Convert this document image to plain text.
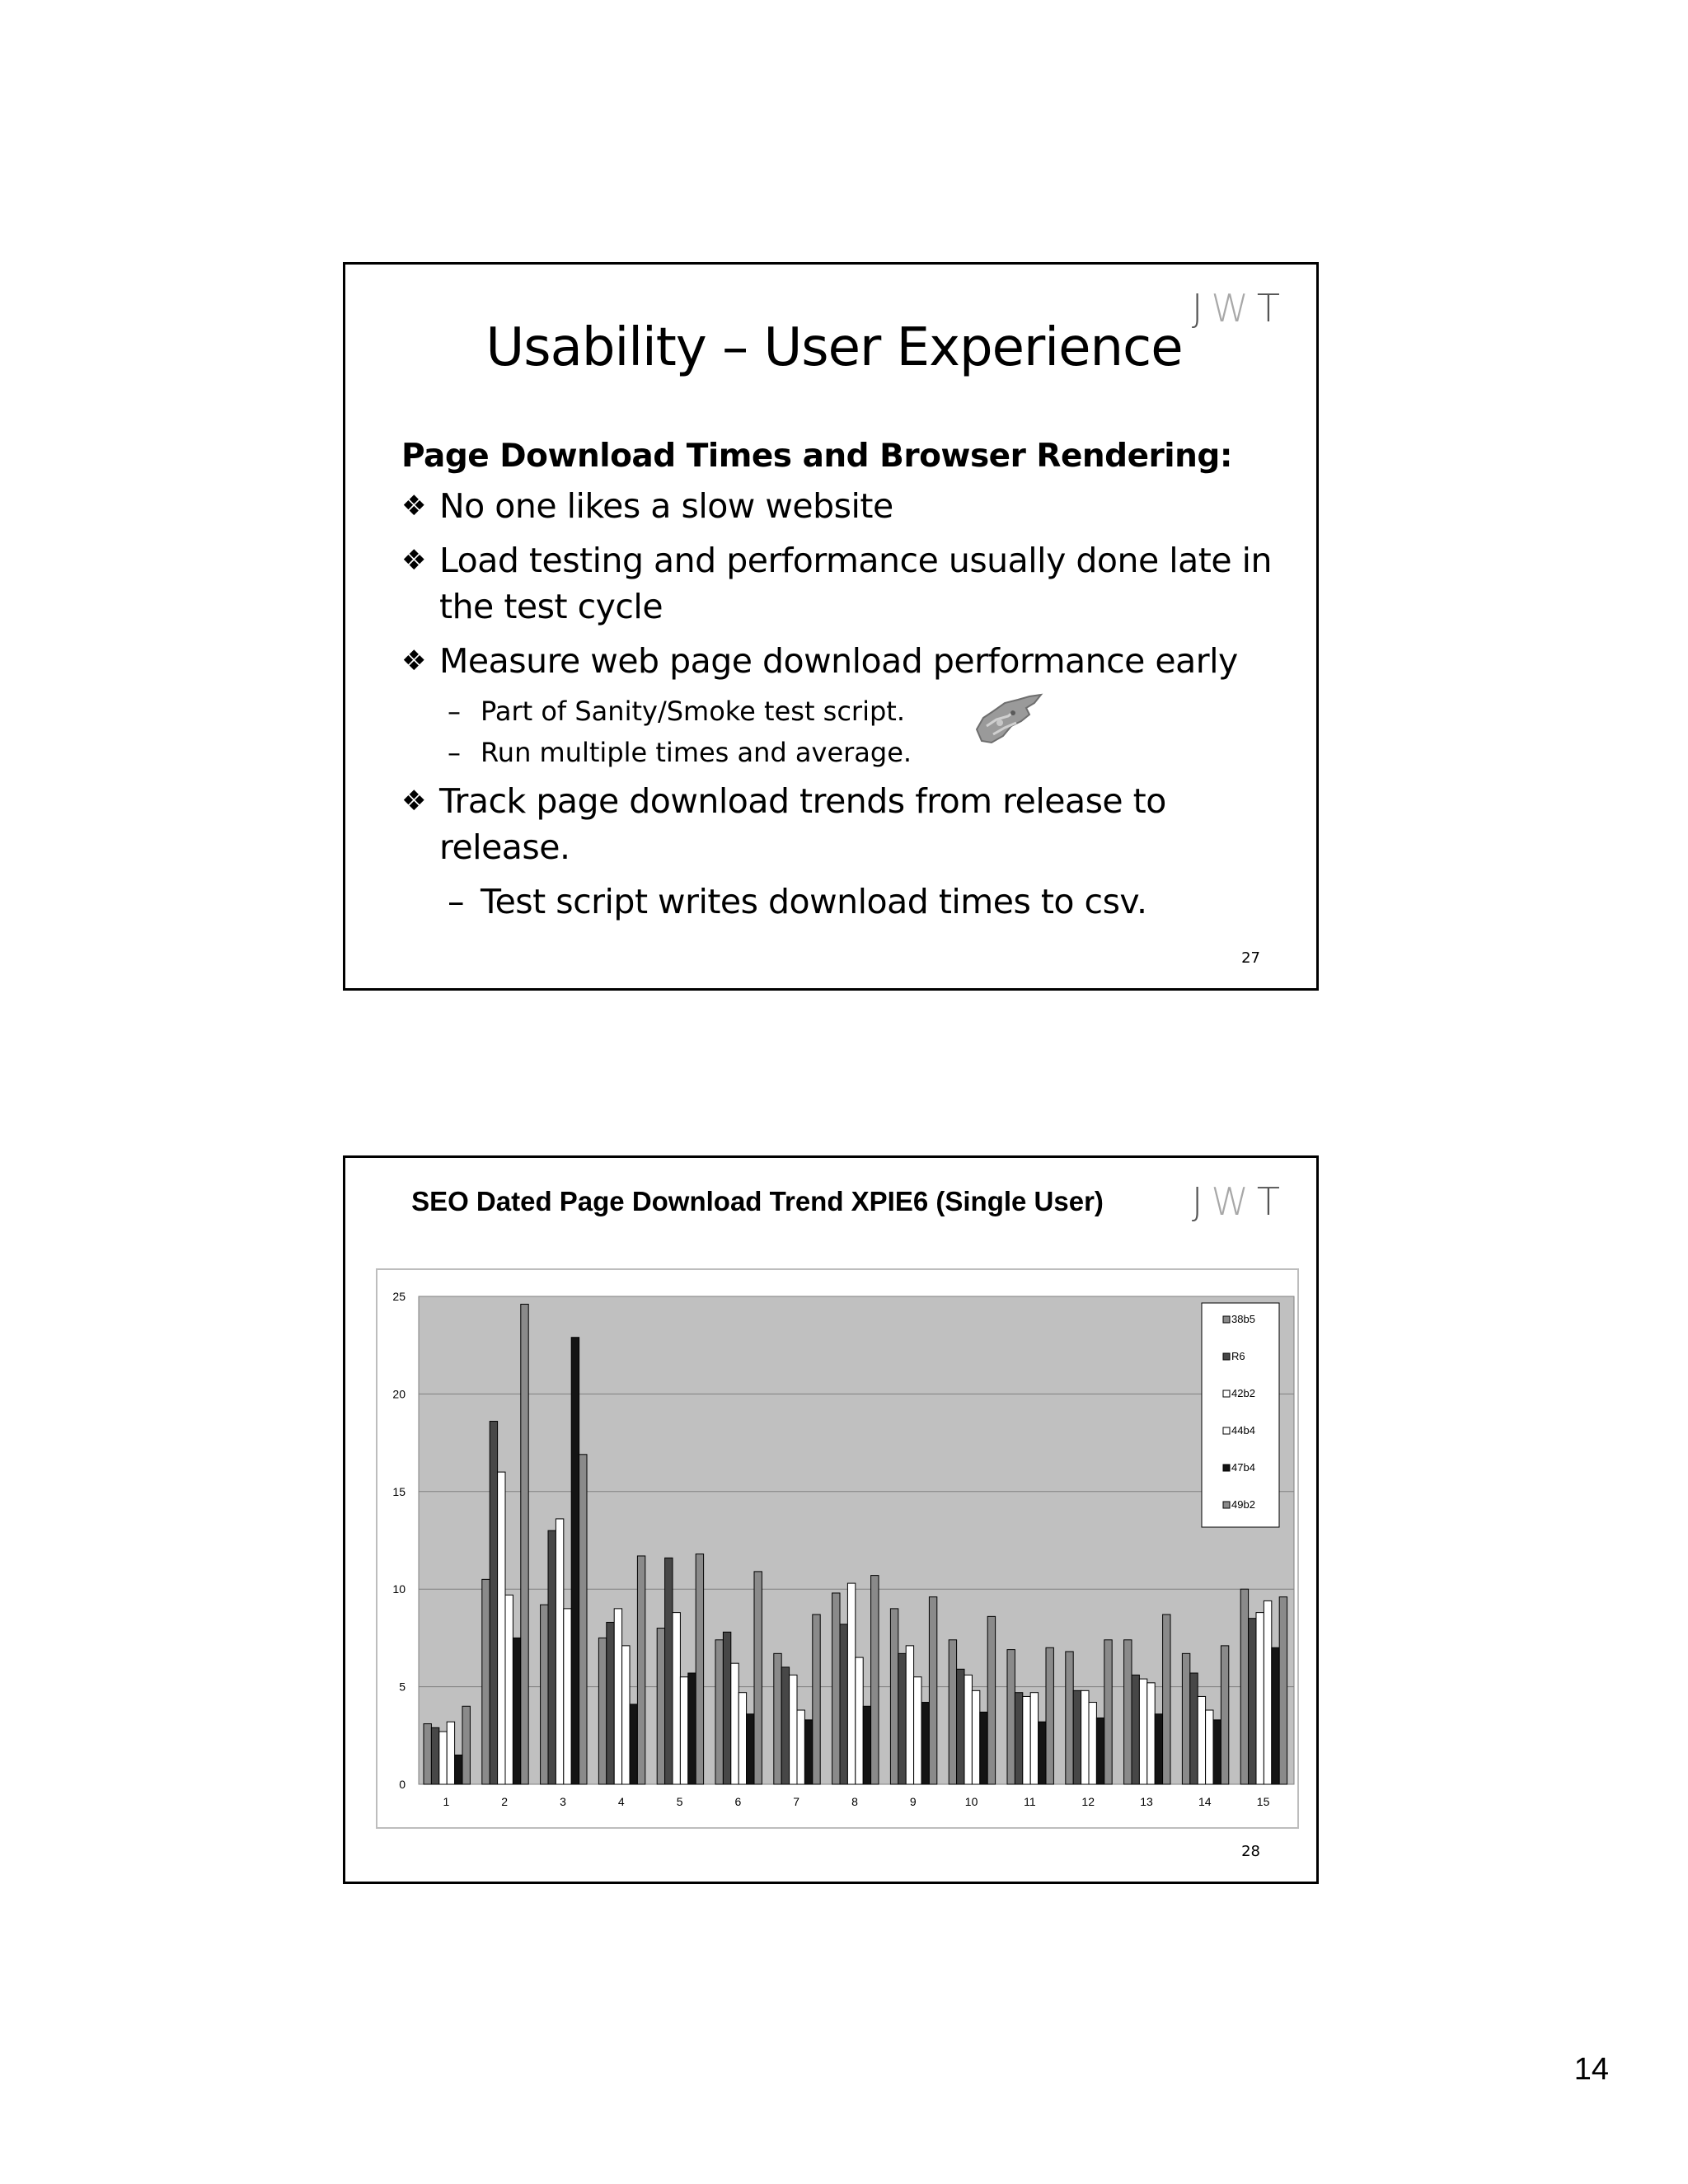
JWT
Usability – User Experience
Page Download Times and Browser Rendering:
❖ No one likes a slow website
❖ Load testing and performance usually done late in the test cycle
❖ Measure web page download performance early
– Part of Sanity/Smoke test script.
– Run multiple times and average.
❖ Track page download trends from release to release.
– Test script writes download times to csv.
27
JWT
SEO Dated Page Download Trend XPIE6 (Single User)
0
5
10
15
20
25
1	2	3	4	5	6	7	8	9	10	11	12	13	14	15
38b5
R6
42b2
44b4
47b4
49b2
28
14
